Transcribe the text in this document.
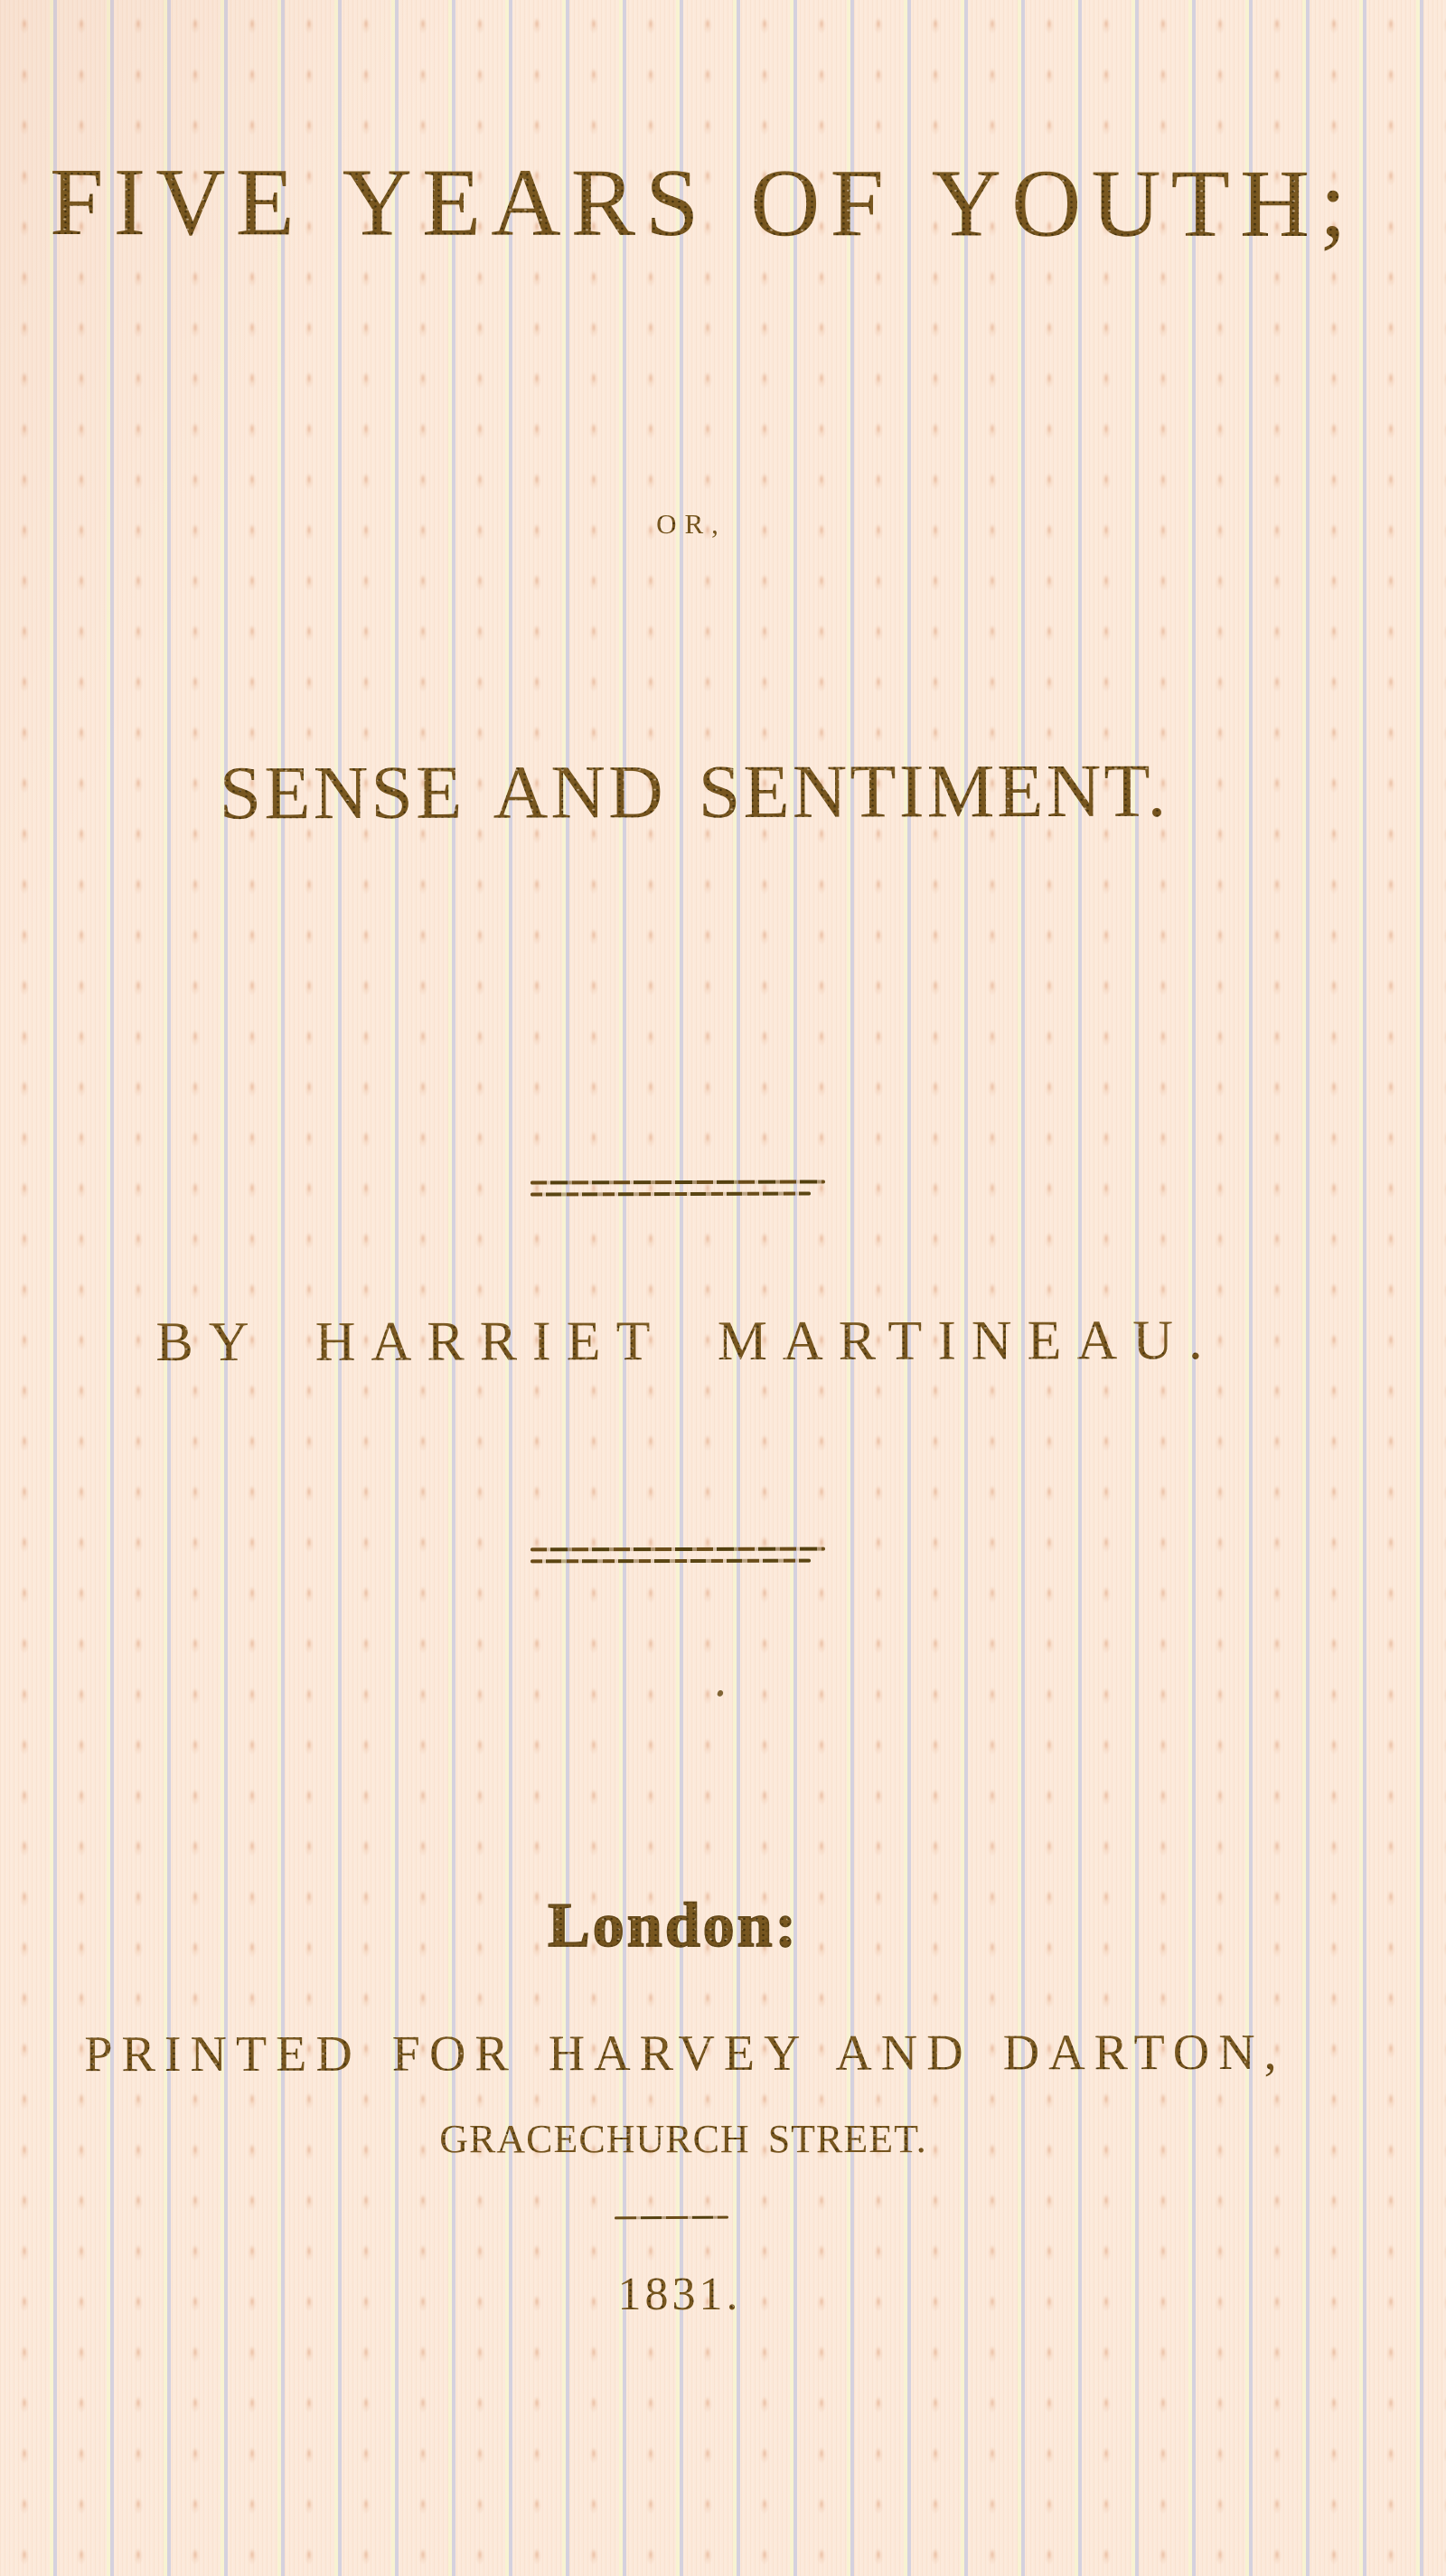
FIVE YEARS OF YOUTH;
OR,
SENSE AND SENTIMENT.
BY HARRIET MARTINEAU.
London:
PRINTED FOR HARVEY AND DARTON,
GRACECHURCH STREET.
1831.
